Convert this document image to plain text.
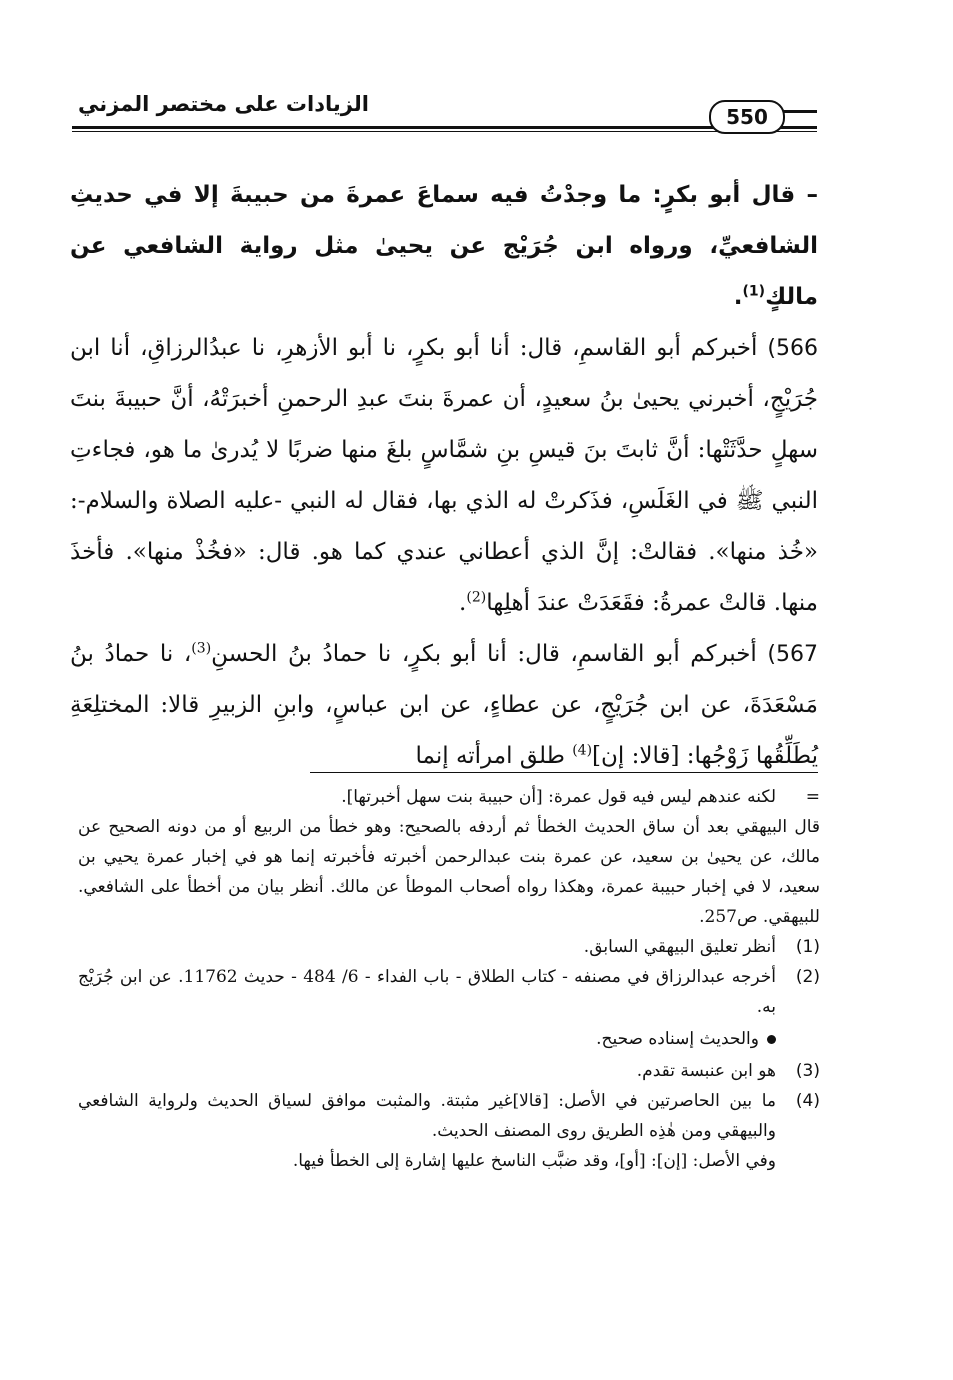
الزيادات على مختصر المزني
550

– قال أبو بكرٍ: ما وجدْتُ فيه سماعَ عمرةَ من حبيبةَ إلا في حديثِ الشافعيِّ، ورواه ابن جُرَيْج عن يحيىٰ مثل رواية الشافعي عن مالكٍ$^{(1)}$.

566) أخبركم أبو القاسمِ، قال: أنا أبو بكرٍ، نا أبو الأزهرِ، نا عبدُالرزاقِ، أنا ابن جُرَيْجٍ، أخبرني يحيىٰ بنُ سعيدٍ، أن عمرةَ بنتَ عبدِ الرحمنِ أخبرَتْهُ، أنَّ حبيبةَ بنتَ سهلٍ حدَّثَتْها: أنَّ ثابتَ بنَ قيسِ بنِ شمَّاسٍ بلغَ منها ضربًا لا يُدرىٰ ما هو، فجاءتِ النبي ﷺ في الغَلَسِ، فذَكرتْ له الذي بها، فقال له النبي -عليه الصلاة والسلام-: «خُذ منها». فقالتْ: إنَّ الذي أعطاني عندي كما هو. قال: «فخُذْ منها». فأخذَ منها. قالتْ عمرةُ: فقَعَدَتْ عندَ أهلِها$^{(2)}$.

567) أخبركم أبو القاسمِ، قال: أنا أبو بكرٍ، نا حمادُ بنُ الحسنِ$^{(3)}$، نا حمادُ بنُ مَسْعَدَةَ، عن ابن جُرَيْجٍ، عن عطاءٍ، عن ابن عباسٍ، وابنِ الزبيرِ قالا: المختلِعَةِ يُطَلِّقُها زَوْجُها: [قالا: إن]$^{(4)}$ طلق امرأته إنما

=
لكنه عندهم ليس فيه قول عمرة: [أن حبيبة بنت سهل أخبرتها].
قال البيهقي بعد أن ساق الحديث الخطأ ثم أردفه بالصحيح: وهو خطأ من الربيع أو من دونه الصحيح عن مالك، عن يحيىٰ بن سعيد، عن عمرة بنت عبدالرحمن أخبرته فأخبرته إنما هو في إخبار عمرة يحيي بن سعيد، لا في إخبار حبيبة عمرة، وهكذا رواه أصحاب الموطأ عن مالك. أنظر بيان من أخطأ على الشافعي. للبيهقي. ص257.
(1)
أنظر تعليق البيهقي السابق.
(2)
أخرجه عبدالرزاق في مصنفه - كتاب الطلاق - باب الفداء - 6/ 484 - حديث 11762. عن ابن جُرَيْج به.
والحديث إسناده صحيح.
(3)
هو ابن عنبسة تقدم.
(4)
ما بين الحاصرتين في الأصل: [قالا]غير مثبتة. والمثبت موافق لسياق الحديث ولرواية الشافعي والبيهقي ومن هٰذِه الطريق روى المصنف الحديث.
وفي الأصل: [إن]: [أو]، وقد ضبَّب الناسخ عليها إشارة إلى الخطأ فيها.
